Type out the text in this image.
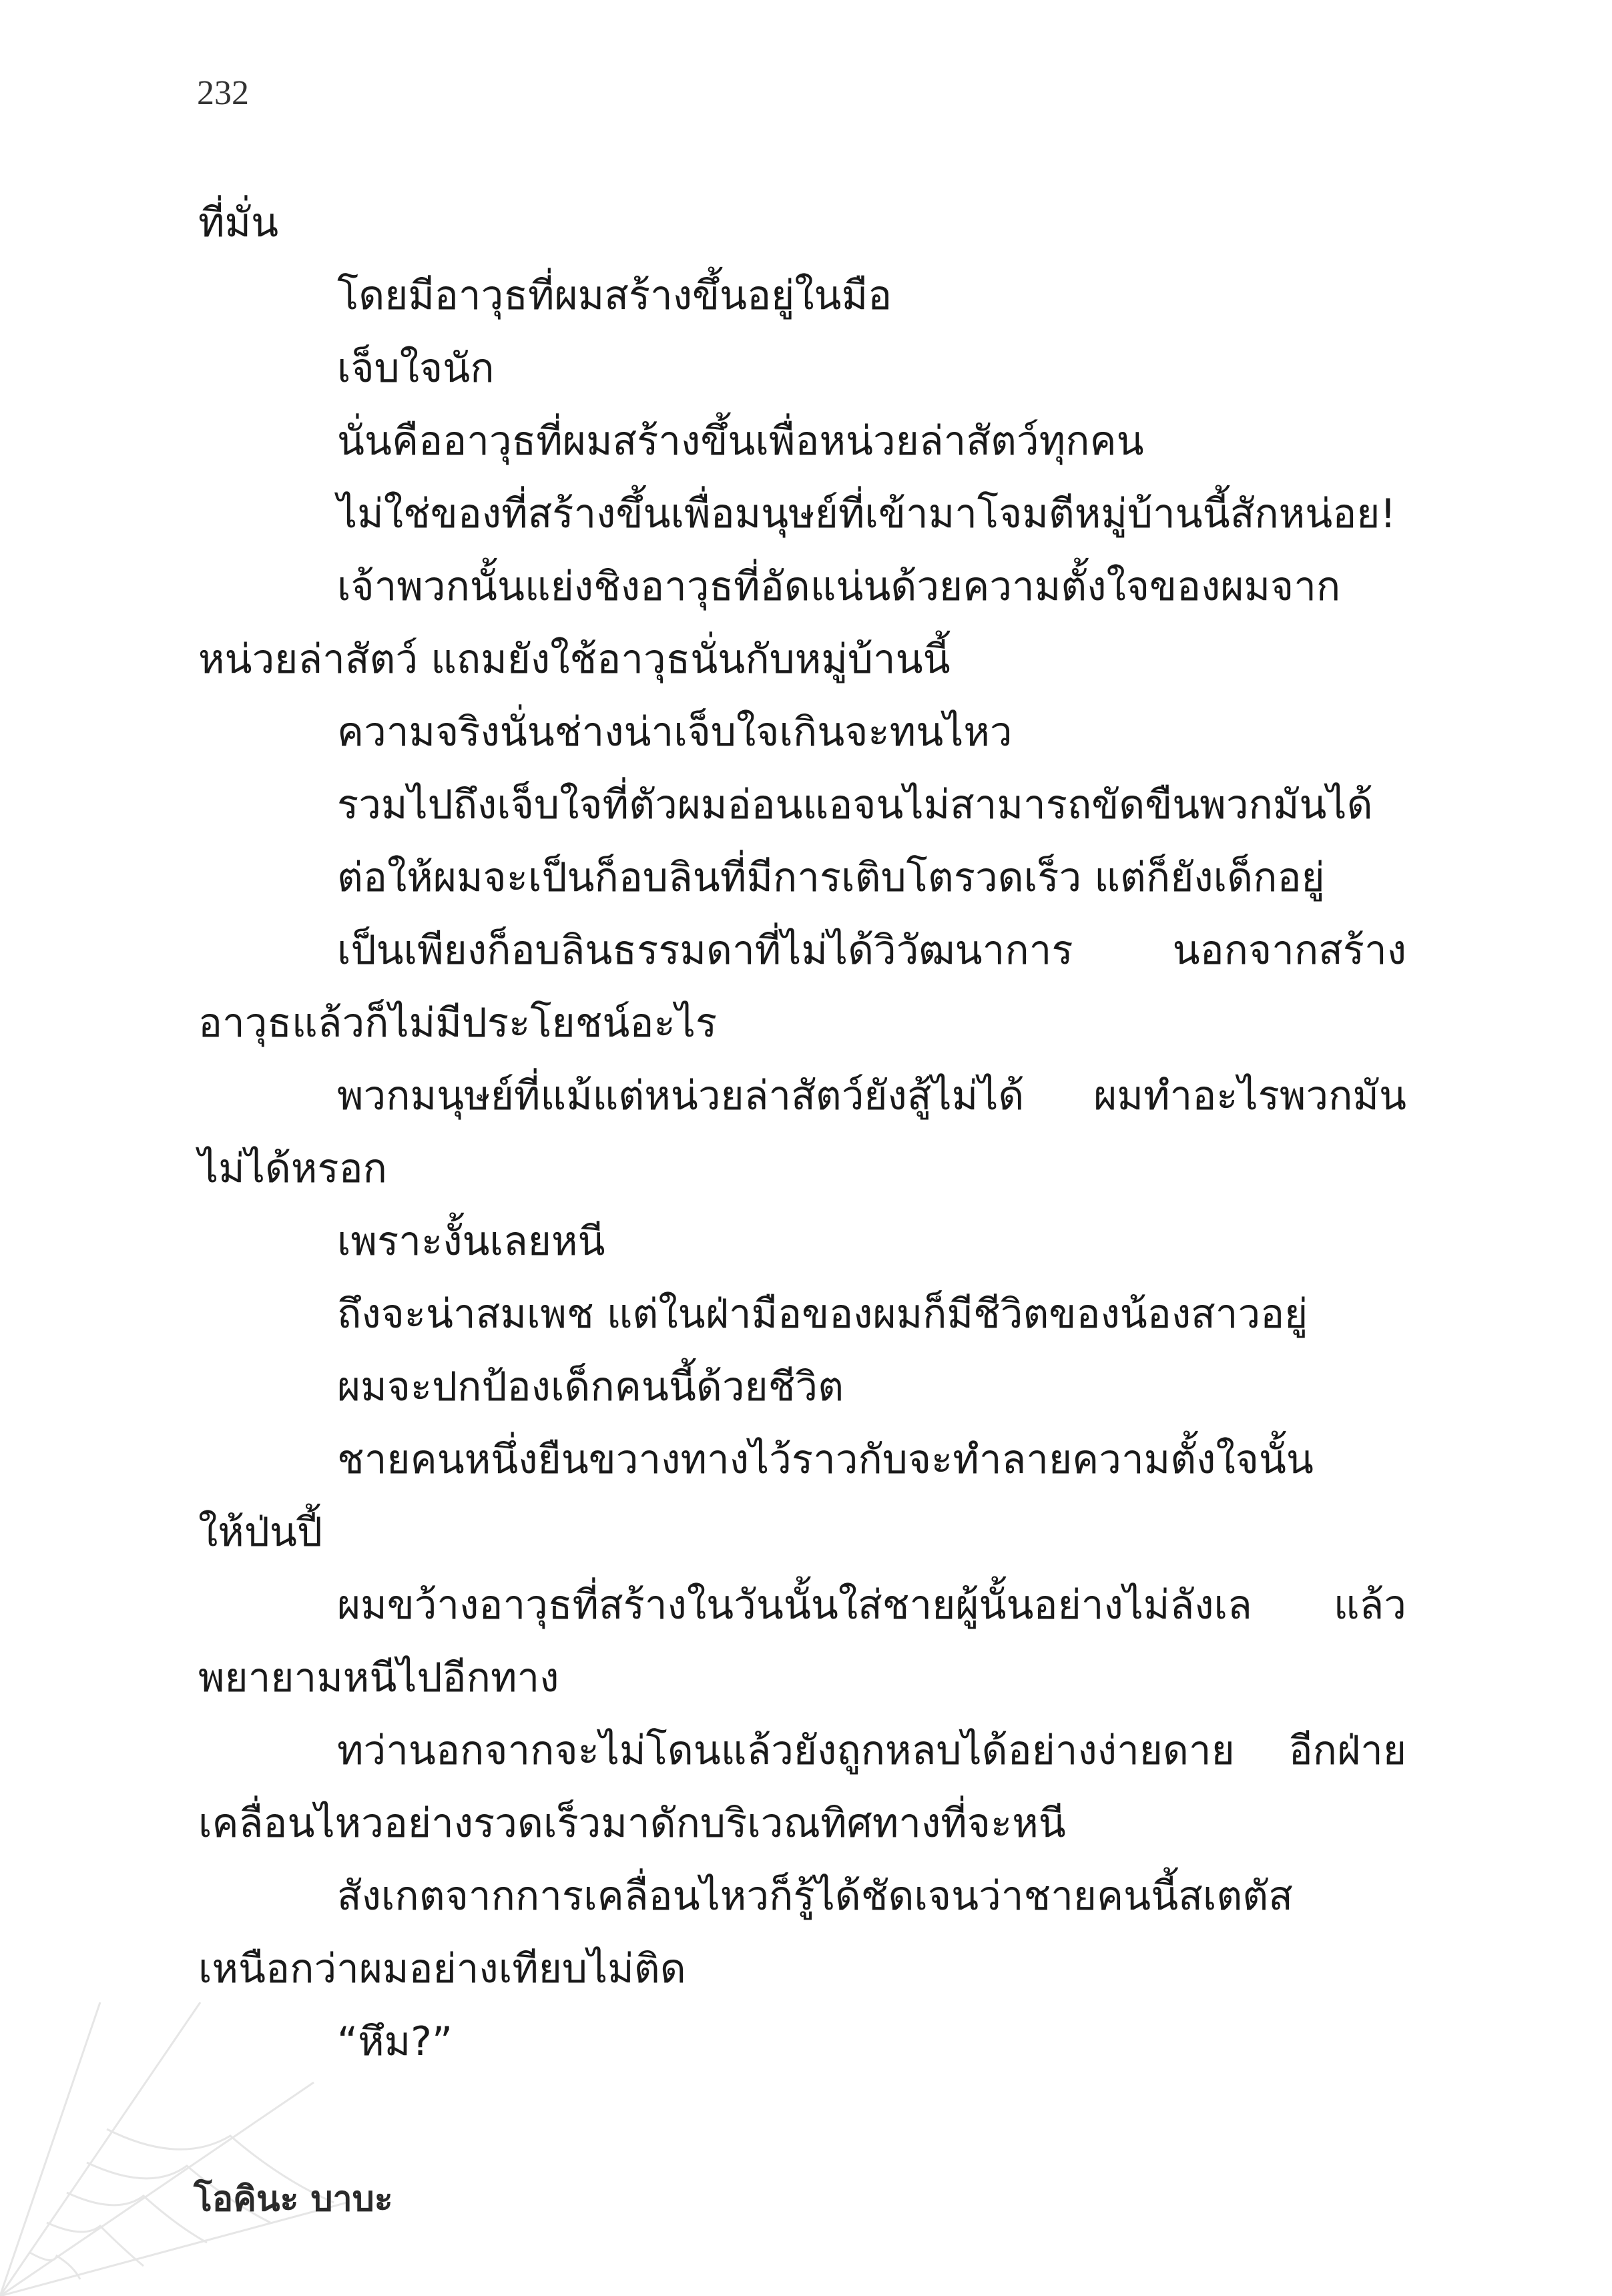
232
ที่มั่น
โดยมีอาวุธที่ผมสร้างขึ้นอยู่ในมือ
เจ็บใจนัก
นั่นคืออาวุธที่ผมสร้างขึ้นเพื่อหน่วยล่าสัตว์ทุกคน
ไม่ใช่ของที่สร้างขึ้นเพื่อมนุษย์ที่เข้ามาโจมตีหมู่บ้านนี้สักหน่อย!
เจ้าพวกนั้นแย่งชิงอาวุธที่อัดแน่นด้วยความตั้งใจของผมจาก
หน่วยล่าสัตว์ แถมยังใช้อาวุธนั่นกับหมู่บ้านนี้
ความจริงนั่นช่างน่าเจ็บใจเกินจะทนไหว
รวมไปถึงเจ็บใจที่ตัวผมอ่อนแอจนไม่สามารถขัดขืนพวกมันได้
ต่อให้ผมจะเป็นก็อบลินที่มีการเติบโตรวดเร็ว แต่ก็ยังเด็กอยู่
เป็นเพียงก็อบลินธรรมดาที่ไม่ได้วิวัฒนาการ นอกจากสร้าง
อาวุธแล้วก็ไม่มีประโยชน์อะไร
พวกมนุษย์ที่แม้แต่หน่วยล่าสัตว์ยังสู้ไม่ได้ ผมทำอะไรพวกมัน
ไม่ได้หรอก
เพราะงั้นเลยหนี
ถึงจะน่าสมเพช แต่ในฝ่ามือของผมก็มีชีวิตของน้องสาวอยู่
ผมจะปกป้องเด็กคนนี้ด้วยชีวิต
ชายคนหนึ่งยืนขวางทางไว้ราวกับจะทำลายความตั้งใจนั้น
ให้ป่นปี้
ผมขว้างอาวุธที่สร้างในวันนั้นใส่ชายผู้นั้นอย่างไม่ลังเล แล้ว
พยายามหนีไปอีกทาง
ทว่านอกจากจะไม่โดนแล้วยังถูกหลบได้อย่างง่ายดาย อีกฝ่าย
เคลื่อนไหวอย่างรวดเร็วมาดักบริเวณทิศทางที่จะหนี
สังเกตจากการเคลื่อนไหวก็รู้ได้ชัดเจนว่าชายคนนี้สเตตัส
เหนือกว่าผมอย่างเทียบไม่ติด
“หึม?”
โอคินะ บาบะ
